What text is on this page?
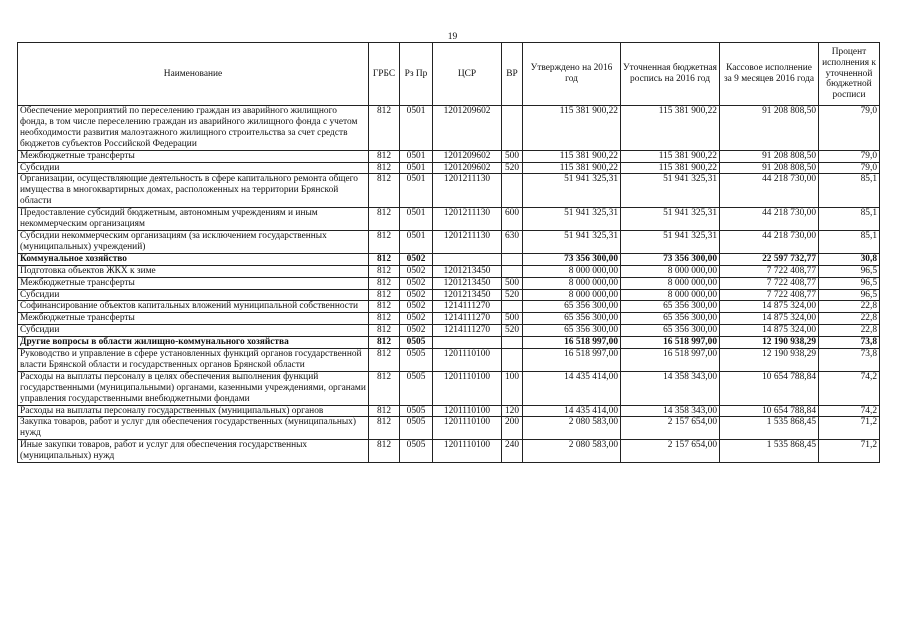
19
Наименование	ГРБС	Рз Пр	ЦСР	ВР	Утверждено на 2016 год	Уточненная бюджетная роспись на 2016 год	Кассовое исполнение за 9 месяцев 2016 года	Процент исполнения к уточненной бюджетной росписи
Обеспечение мероприятий по переселению граждан из аварийного жилищного фонда, в том числе переселению граждан из аварийного жилищного фонда с учетом необходимости развития малоэтажного жилищного строительства за счет средств бюджетов субъектов Российской Федерации	812	0501	1201209602		115 381 900,22	115 381 900,22	91 208 808,50	79,0
Межбюджетные трансферты	812	0501	1201209602	500	115 381 900,22	115 381 900,22	91 208 808,50	79,0
Субсидии	812	0501	1201209602	520	115 381 900,22	115 381 900,22	91 208 808,50	79,0
Организации, осуществляющие деятельность в сфере капитального ремонта общего имущества в многоквартирных домах, расположенных на территории Брянской области	812	0501	1201211130		51 941 325,31	51 941 325,31	44 218 730,00	85,1
Предоставление субсидий бюджетным, автономным учреждениям и иным некоммерческим организациям	812	0501	1201211130	600	51 941 325,31	51 941 325,31	44 218 730,00	85,1
Субсидии некоммерческим организациям (за исключением государственных (муниципальных) учреждений)	812	0501	1201211130	630	51 941 325,31	51 941 325,31	44 218 730,00	85,1
Коммунальное хозяйство	812	0502			73 356 300,00	73 356 300,00	22 597 732,77	30,8
Подготовка объектов ЖКХ к зиме	812	0502	1201213450		8 000 000,00	8 000 000,00	7 722 408,77	96,5
Межбюджетные трансферты	812	0502	1201213450	500	8 000 000,00	8 000 000,00	7 722 408,77	96,5
Субсидии	812	0502	1201213450	520	8 000 000,00	8 000 000,00	7 722 408,77	96,5
Софинансирование объектов капитальных вложений муниципальной собственности	812	0502	1214111270		65 356 300,00	65 356 300,00	14 875 324,00	22,8
Межбюджетные трансферты	812	0502	1214111270	500	65 356 300,00	65 356 300,00	14 875 324,00	22,8
Субсидии	812	0502	1214111270	520	65 356 300,00	65 356 300,00	14 875 324,00	22,8
Другие вопросы в области жилищно-коммунального хозяйства	812	0505			16 518 997,00	16 518 997,00	12 190 938,29	73,8
Руководство и управление в сфере установленных функций органов государственной власти Брянской области и государственных органов Брянской области	812	0505	1201110100		16 518 997,00	16 518 997,00	12 190 938,29	73,8
Расходы на выплаты персоналу в целях обеспечения выполнения функций государственными (муниципальными) органами, казенными учреждениями, органами управления государственными внебюджетными фондами	812	0505	1201110100	100	14 435 414,00	14 358 343,00	10 654 788,84	74,2
Расходы на выплаты персоналу государственных (муниципальных) органов	812	0505	1201110100	120	14 435 414,00	14 358 343,00	10 654 788,84	74,2
Закупка товаров, работ и услуг для обеспечения государственных (муниципальных) нужд	812	0505	1201110100	200	2 080 583,00	2 157 654,00	1 535 868,45	71,2
Иные закупки товаров, работ и услуг для обеспечения государственных (муниципальных) нужд	812	0505	1201110100	240	2 080 583,00	2 157 654,00	1 535 868,45	71,2
